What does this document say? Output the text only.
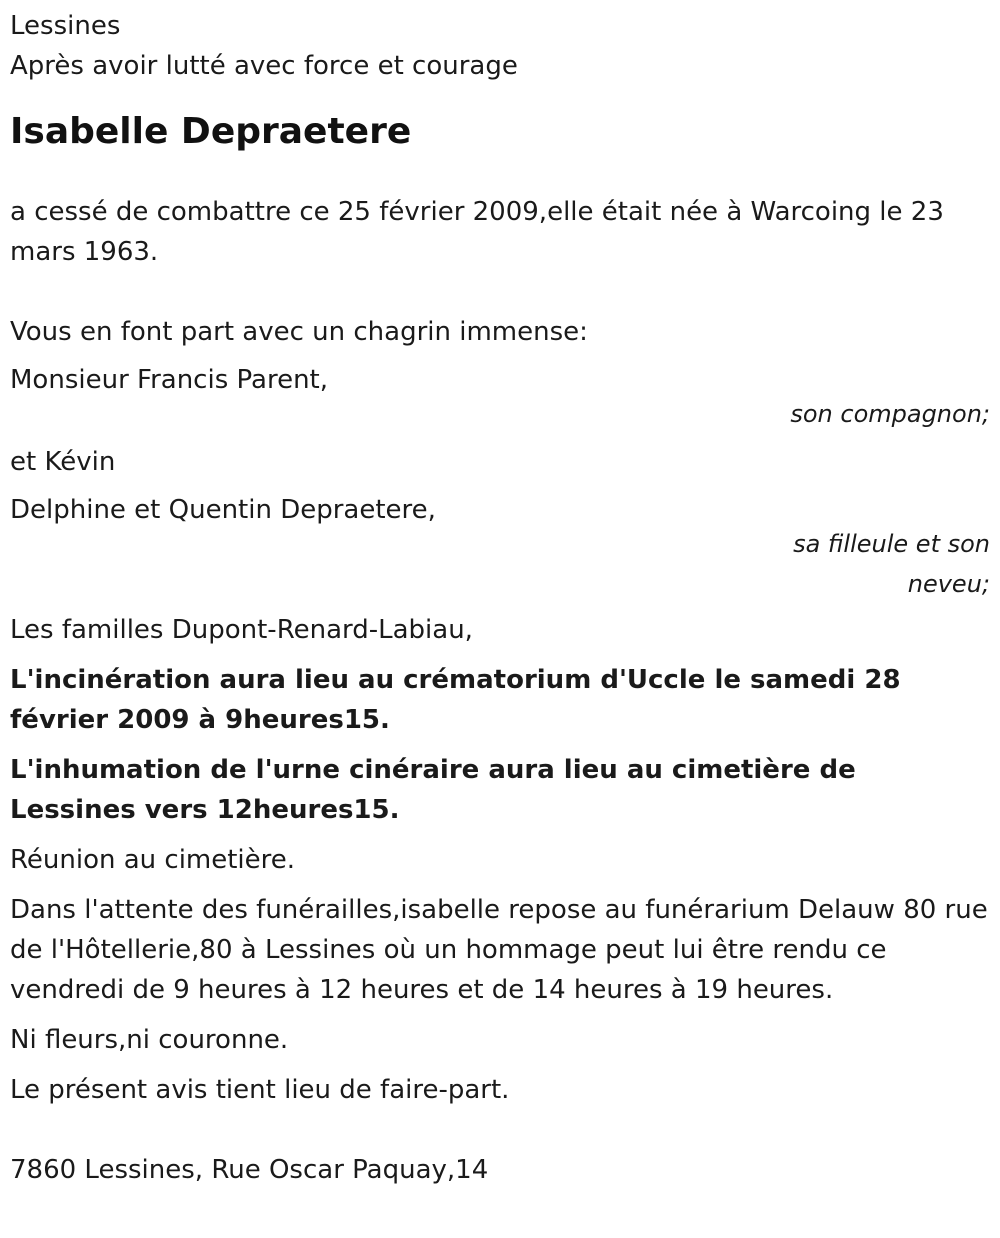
Lessines

Après avoir lutté avec force et courage

Isabelle Depraetere

a cessé de combattre ce 25 février 2009,elle était née à Warcoing le 23 mars 1963.

Vous en font part avec un chagrin immense:

Monsieur Francis Parent,

son compagnon;

et Kévin

Delphine et Quentin Depraetere,

sa filleule et son

neveu;

Les familles Dupont-Renard-Labiau,

L'incinération aura lieu au crématorium d'Uccle le samedi 28 février 2009 à 9heures15.

L'inhumation de l'urne cinéraire aura lieu au cimetière de Lessines vers 12heures15.

Réunion au cimetière.

Dans l'attente des funérailles,isabelle repose au funérarium Delauw 80 rue de l'Hôtellerie,80 à Lessines où un hommage peut lui être rendu ce vendredi de 9 heures à 12 heures et de 14 heures à 19 heures.

Ni fleurs,ni couronne.

Le présent avis tient lieu de faire-part.

7860 Lessines, Rue Oscar Paquay,14
